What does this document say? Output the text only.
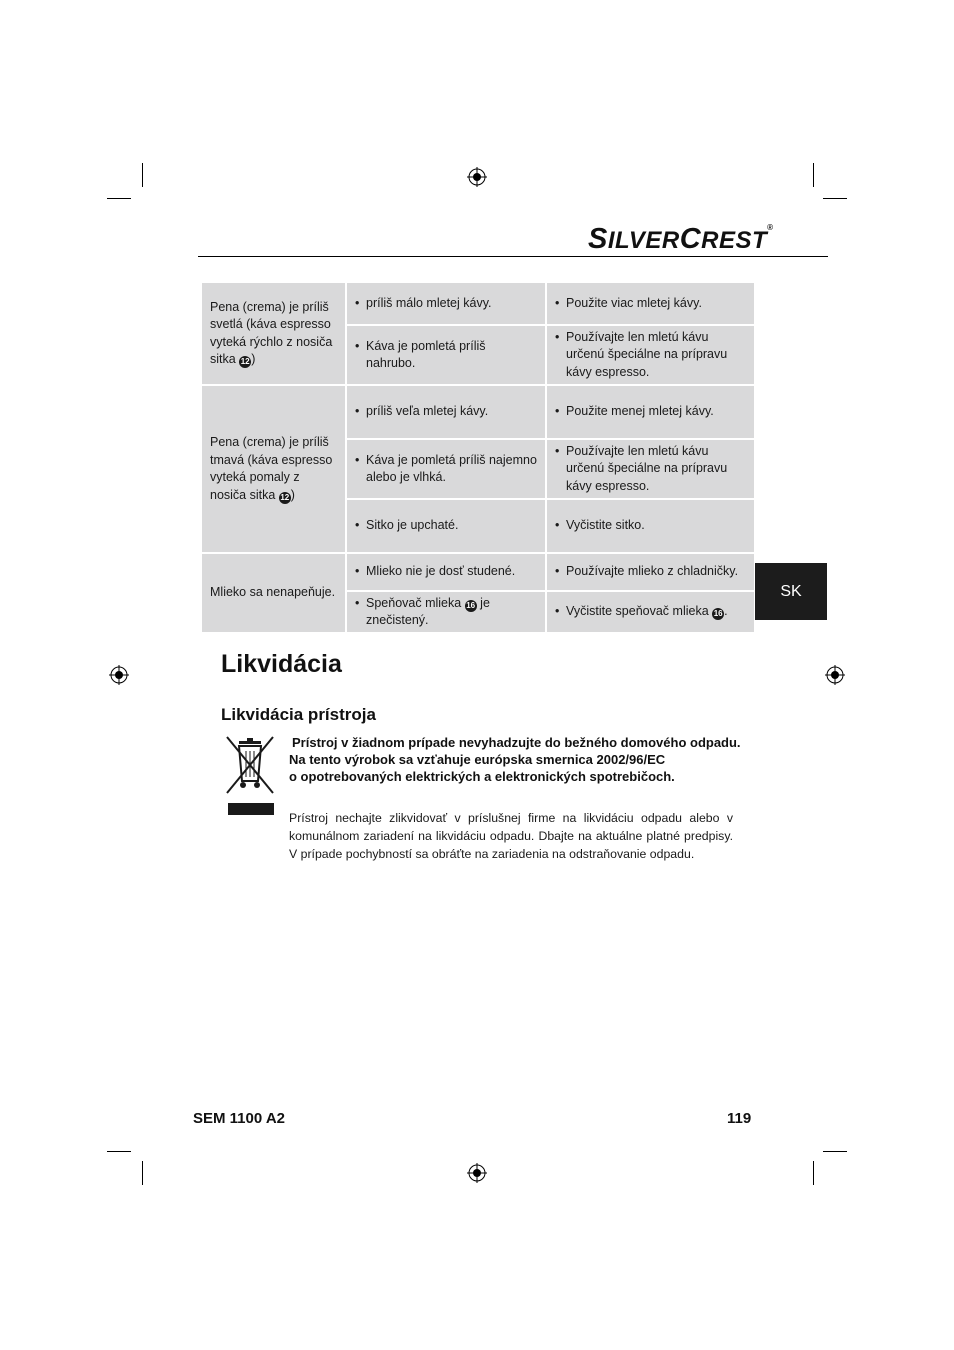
SILVERCREST®
Pena (crema) je príliš svetlá (káva espresso vyteká rýchlo z nosiča sitka 12 )	• príliš málo mletej kávy.	• Použite viac mletej kávy.

	• Káva je pomletá príliš nahrubo.	• Používajte len mletú kávu určenú špeciálne na prípravu kávy espresso.

Pena (crema) je príliš tmavá (káva espresso vyteká pomaly z nosiča sitka 12 )	• príliš veľa mletej kávy.	• Použite menej mletej kávy.

	• Káva je pomletá príliš najemno alebo je vlhká.	• Používajte len mletú kávu určenú špeciálne na prípravu kávy espresso.

	• Sitko je upchaté.	• Vyčistite sitko.

Mlieko sa nenapeňuje.	• Mlieko nie je dosť studené.	• Používajte mlieko z chladničky.

	• Speňovač mlieka 16 je znečistený.	• Vyčistite speňovač mlieka 16 .
SK
Likvidácia
Likvidácia prístroja
Prístroj v žiadnom prípade nevyhadzujte do bežného domového odpadu.
Na tento výrobok sa vzťahuje európska smernica 2002/96/EC
o opotrebovaných elektrických a elektronických spotrebičoch.
Prístroj nechajte zlikvidovať v príslušnej firme na likvidáciu odpadu alebo v komunálnom zariadení na likvidáciu odpadu. Dbajte na aktuálne platné predpisy. V prípade pochybností sa obráťte na zariadenia na odstraňovanie odpadu.
SEM 1100 A2	119
